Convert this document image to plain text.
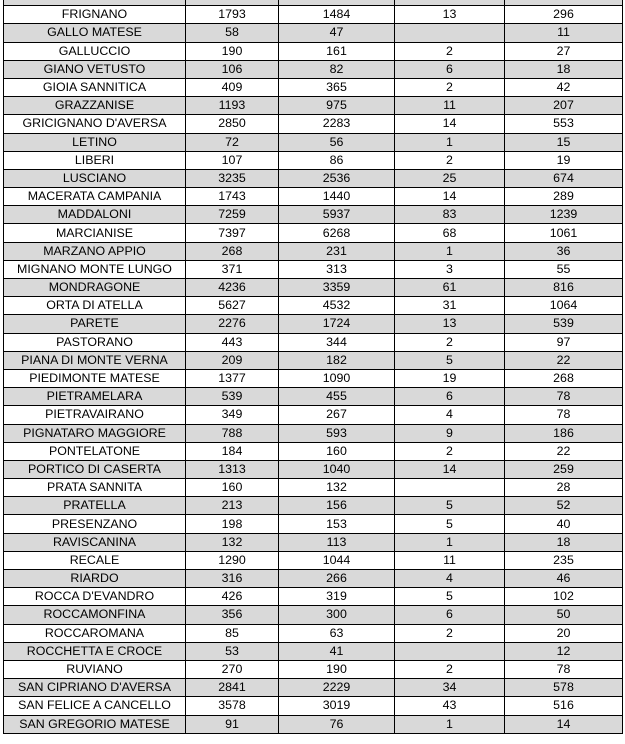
FRIGNANO	1793	1484	13	296
GALLO MATESE	58	47		11
GALLUCCIO	190	161	2	27
GIANO VETUSTO	106	82	6	18
GIOIA SANNITICA	409	365	2	42
GRAZZANISE	1193	975	11	207
GRICIGNANO D'AVERSA	2850	2283	14	553
LETINO	72	56	1	15
LIBERI	107	86	2	19
LUSCIANO	3235	2536	25	674
MACERATA CAMPANIA	1743	1440	14	289
MADDALONI	7259	5937	83	1239
MARCIANISE	7397	6268	68	1061
MARZANO APPIO	268	231	1	36
MIGNANO MONTE LUNGO	371	313	3	55
MONDRAGONE	4236	3359	61	816
ORTA DI ATELLA	5627	4532	31	1064
PARETE	2276	1724	13	539
PASTORANO	443	344	2	97
PIANA DI MONTE VERNA	209	182	5	22
PIEDIMONTE MATESE	1377	1090	19	268
PIETRAMELARA	539	455	6	78
PIETRAVAIRANO	349	267	4	78
PIGNATARO MAGGIORE	788	593	9	186
PONTELATONE	184	160	2	22
PORTICO DI CASERTA	1313	1040	14	259
PRATA SANNITA	160	132		28
PRATELLA	213	156	5	52
PRESENZANO	198	153	5	40
RAVISCANINA	132	113	1	18
RECALE	1290	1044	11	235
RIARDO	316	266	4	46
ROCCA D'EVANDRO	426	319	5	102
ROCCAMONFINA	356	300	6	50
ROCCAROMANA	85	63	2	20
ROCCHETTA E CROCE	53	41		12
RUVIANO	270	190	2	78
SAN CIPRIANO D'AVERSA	2841	2229	34	578
SAN FELICE A CANCELLO	3578	3019	43	516
SAN GREGORIO MATESE	91	76	1	14
